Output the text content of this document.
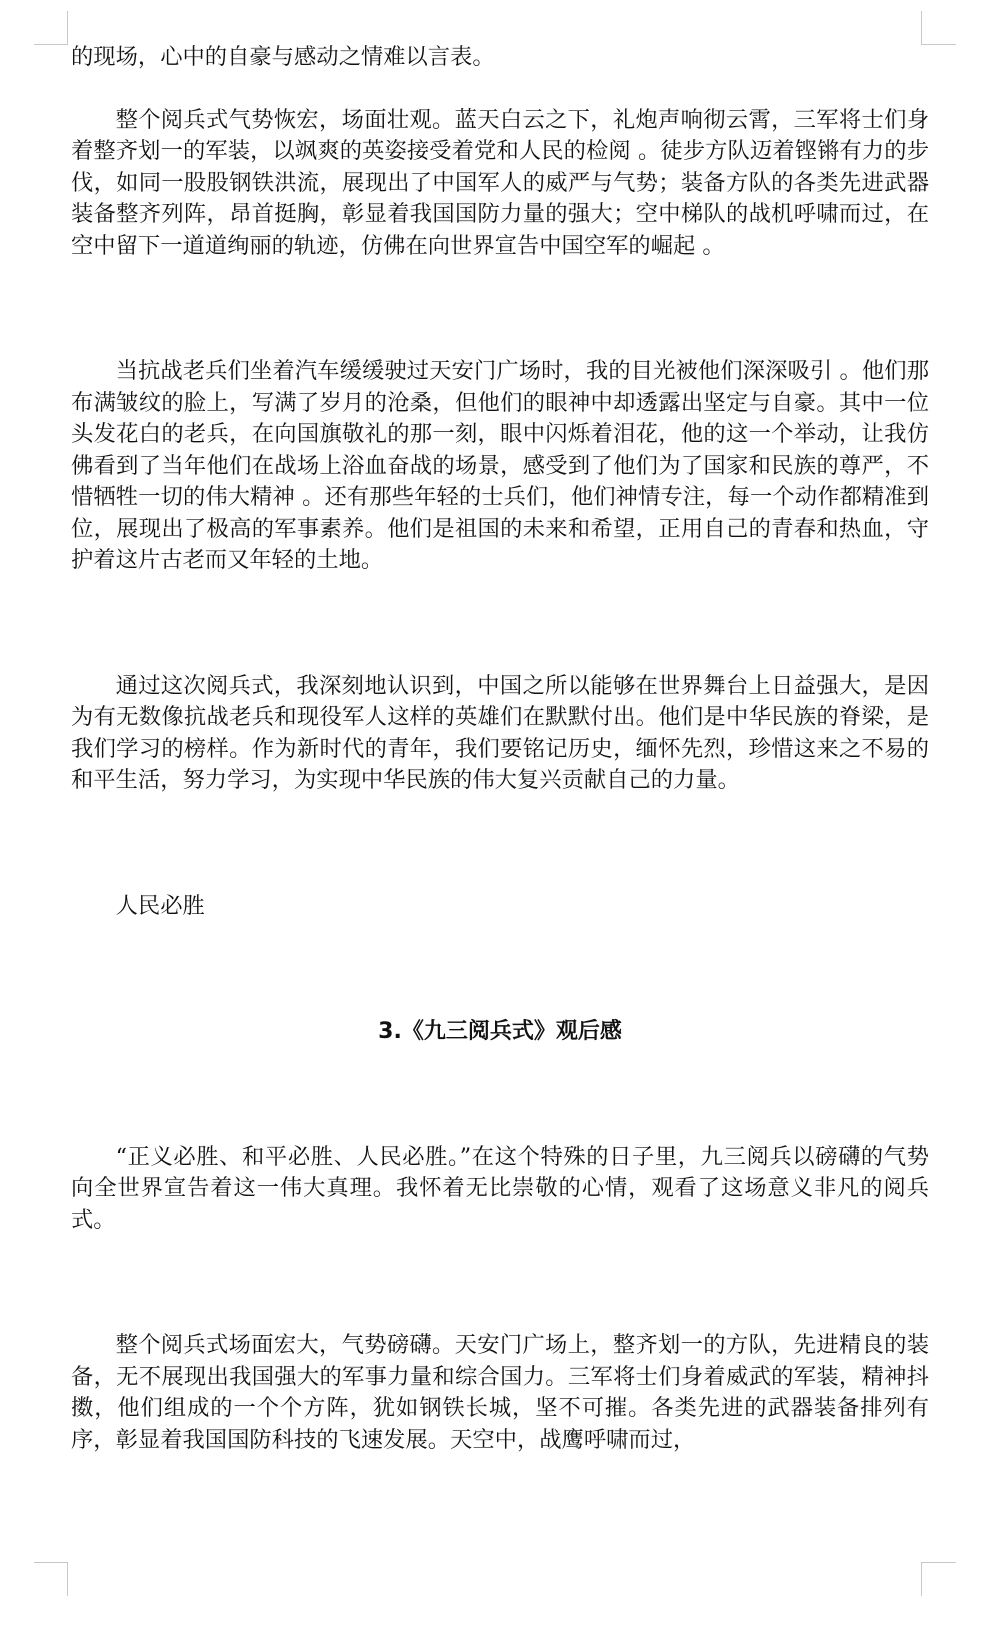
的现场，心中的自豪与感动之情难以言表。

整个阅兵式气势恢宏，场面壮观。蓝天白云之下，礼炮声响彻云霄，三军将士们身着整齐划一的军装，以飒爽的英姿接受着党和人民的检阅 。徒步方队迈着铿锵有力的步伐，如同一股股钢铁洪流，展现出了中国军人的威严与气势；装备方队的各类先进武器装备整齐列阵，昂首挺胸，彰显着我国国防力量的强大；空中梯队的战机呼啸而过，在空中留下一道道绚丽的轨迹，仿佛在向世界宣告中国空军的崛起 。

当抗战老兵们坐着汽车缓缓驶过天安门广场时，我的目光被他们深深吸引 。他们那布满皱纹的脸上，写满了岁月的沧桑，但他们的眼神中却透露出坚定与自豪。其中一位头发花白的老兵，在向国旗敬礼的那一刻，眼中闪烁着泪花，他的这一个举动，让我仿佛看到了当年他们在战场上浴血奋战的场景，感受到了他们为了国家和民族的尊严，不惜牺牲一切的伟大精神 。还有那些年轻的士兵们，他们神情专注，每一个动作都精准到位，展现出了极高的军事素养。他们是祖国的未来和希望，正用自己的青春和热血，守护着这片古老而又年轻的土地。

通过这次阅兵式，我深刻地认识到，中国之所以能够在世界舞台上日益强大，是因为有无数像抗战老兵和现役军人这样的英雄们在默默付出。他们是中华民族的脊梁，是我们学习的榜样。作为新时代的青年，我们要铭记历史，缅怀先烈，珍惜这来之不易的和平生活，努力学习，为实现中华民族的伟大复兴贡献自己的力量。

人民必胜

3.《九三阅兵式》观后感

“正义必胜、和平必胜、人民必胜。”在这个特殊的日子里，九三阅兵以磅礴的气势向全世界宣告着这一伟大真理。我怀着无比崇敬的心情，观看了这场意义非凡的阅兵式。

整个阅兵式场面宏大，气势磅礴。天安门广场上，整齐划一的方队，先进精良的装备，无不展现出我国强大的军事力量和综合国力。三军将士们身着威武的军装，精神抖擞，他们组成的一个个方阵，犹如钢铁长城，坚不可摧。各类先进的武器装备排列有序，彰显着我国国防科技的飞速发展。天空中，战鹰呼啸而过，
